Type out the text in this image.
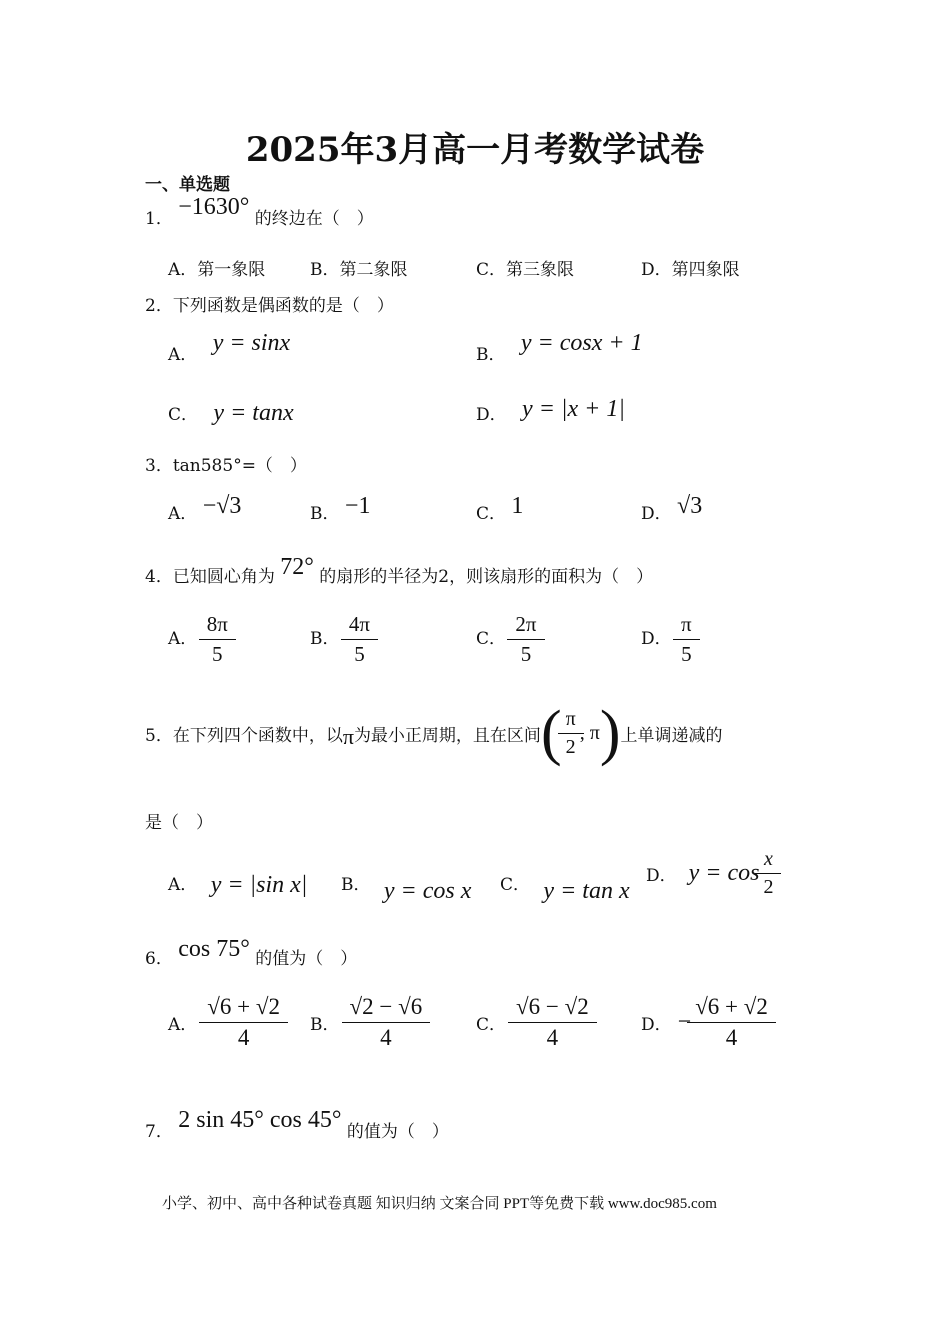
2025年3月高一月考数学试卷
一、单选题
1． −1630° 的终边在（　）
A．第一象限	B．第二象限	C．第三象限	D．第四象限
2．下列函数是偶函数的是（　）
A． y = sinx	B． y = cosx + 1
C． y = tanx	D． y = |x + 1|
3．tan585°=（　）
A． −√3	B． −1	C． 1	D． √3
4．已知圆心角为 72° 的扇形的半径为2，则该扇形的面积为（　）
A． $\frac{8\pi}{5}$	B． $\frac{4\pi}{5}$	C． $\frac{2\pi}{5}$	D． $\frac{\pi}{5}$
5． 在下列四个函数中，以 π 为最小正周期，且在区间 ( $\frac{\pi}{2}$ , π ) 上单调递减的
是（　）
A． y = |sin x| B． y = cos x C． y = tan x
D． $y = \cos \frac{x}{2}$
6． cos 75° 的值为（　）
A． $\frac{√6 + √2}{4}$ B． $\frac{√2 - √6}{4}$	C． $\frac{√6 - √2}{4}$	D． − $\frac{√6 + √2}{4}$
7． 2 sin 45° cos 45° 的值为（　）
小学、初中、高中各种试卷真题 知识归纳 文案合同 PPT等免费下载 www.doc985.com
